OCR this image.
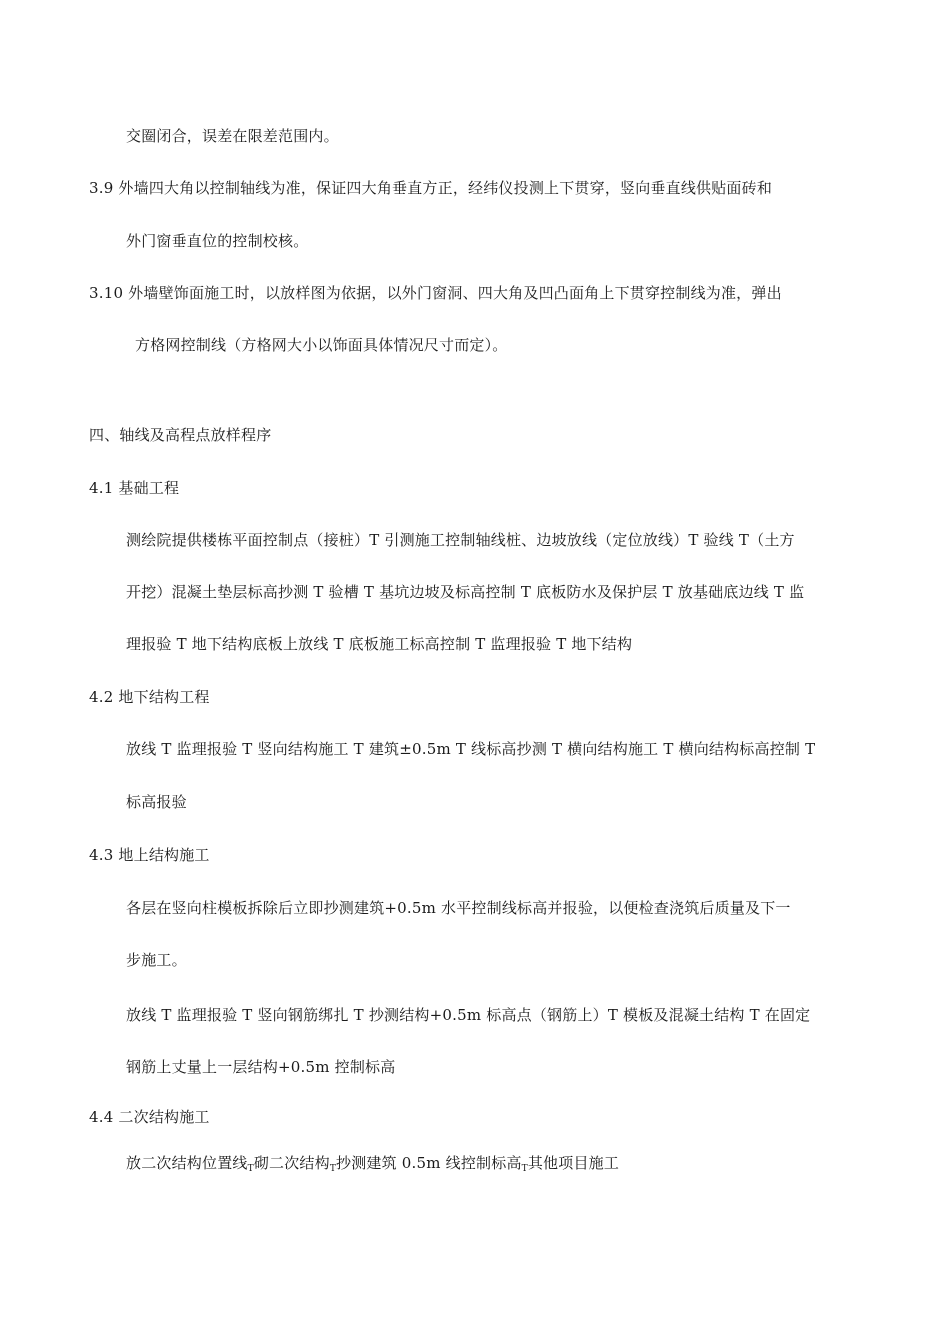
交圈闭合，误差在限差范围内。
3.9 外墙四大角以控制轴线为准，保证四大角垂直方正，经纬仪投测上下贯穿，竖向垂直线供贴面砖和
外门窗垂直位的控制校核。
3.10 外墙壁饰面施工时，以放样图为依据，以外门窗洞、四大角及凹凸面角上下贯穿控制线为准，弹出
方格网控制线（方格网大小以饰面具体情况尺寸而定）。
四、轴线及高程点放样程序
4.1 基础工程
测绘院提供楼栋平面控制点（接桩）T 引测施工控制轴线桩、边坡放线（定位放线）T 验线 T（土方
开挖）混凝土垫层标高抄测 T 验槽 T 基坑边坡及标高控制 T 底板防水及保护层 T 放基础底边线 T 监
理报验 T 地下结构底板上放线 T 底板施工标高控制 T 监理报验 T 地下结构
4.2 地下结构工程
放线 T 监理报验 T 竖向结构施工 T 建筑±0.5m T 线标高抄测 T 横向结构施工 T 横向结构标高控制 T
标高报验
4.3 地上结构施工
各层在竖向柱模板拆除后立即抄测建筑+0.5m 水平控制线标高并报验，以便检查浇筑后质量及下一
步施工。
放线 T 监理报验 T 竖向钢筋绑扎 T 抄测结构+0.5m 标高点（钢筋上）T 模板及混凝土结构 T 在固定
钢筋上丈量上一层结构+0.5m 控制标高
4.4 二次结构施工
放二次结构位置线$_T$砌二次结构$_T$抄测建筑 0.5m 线控制标高$_T$其他项目施工
